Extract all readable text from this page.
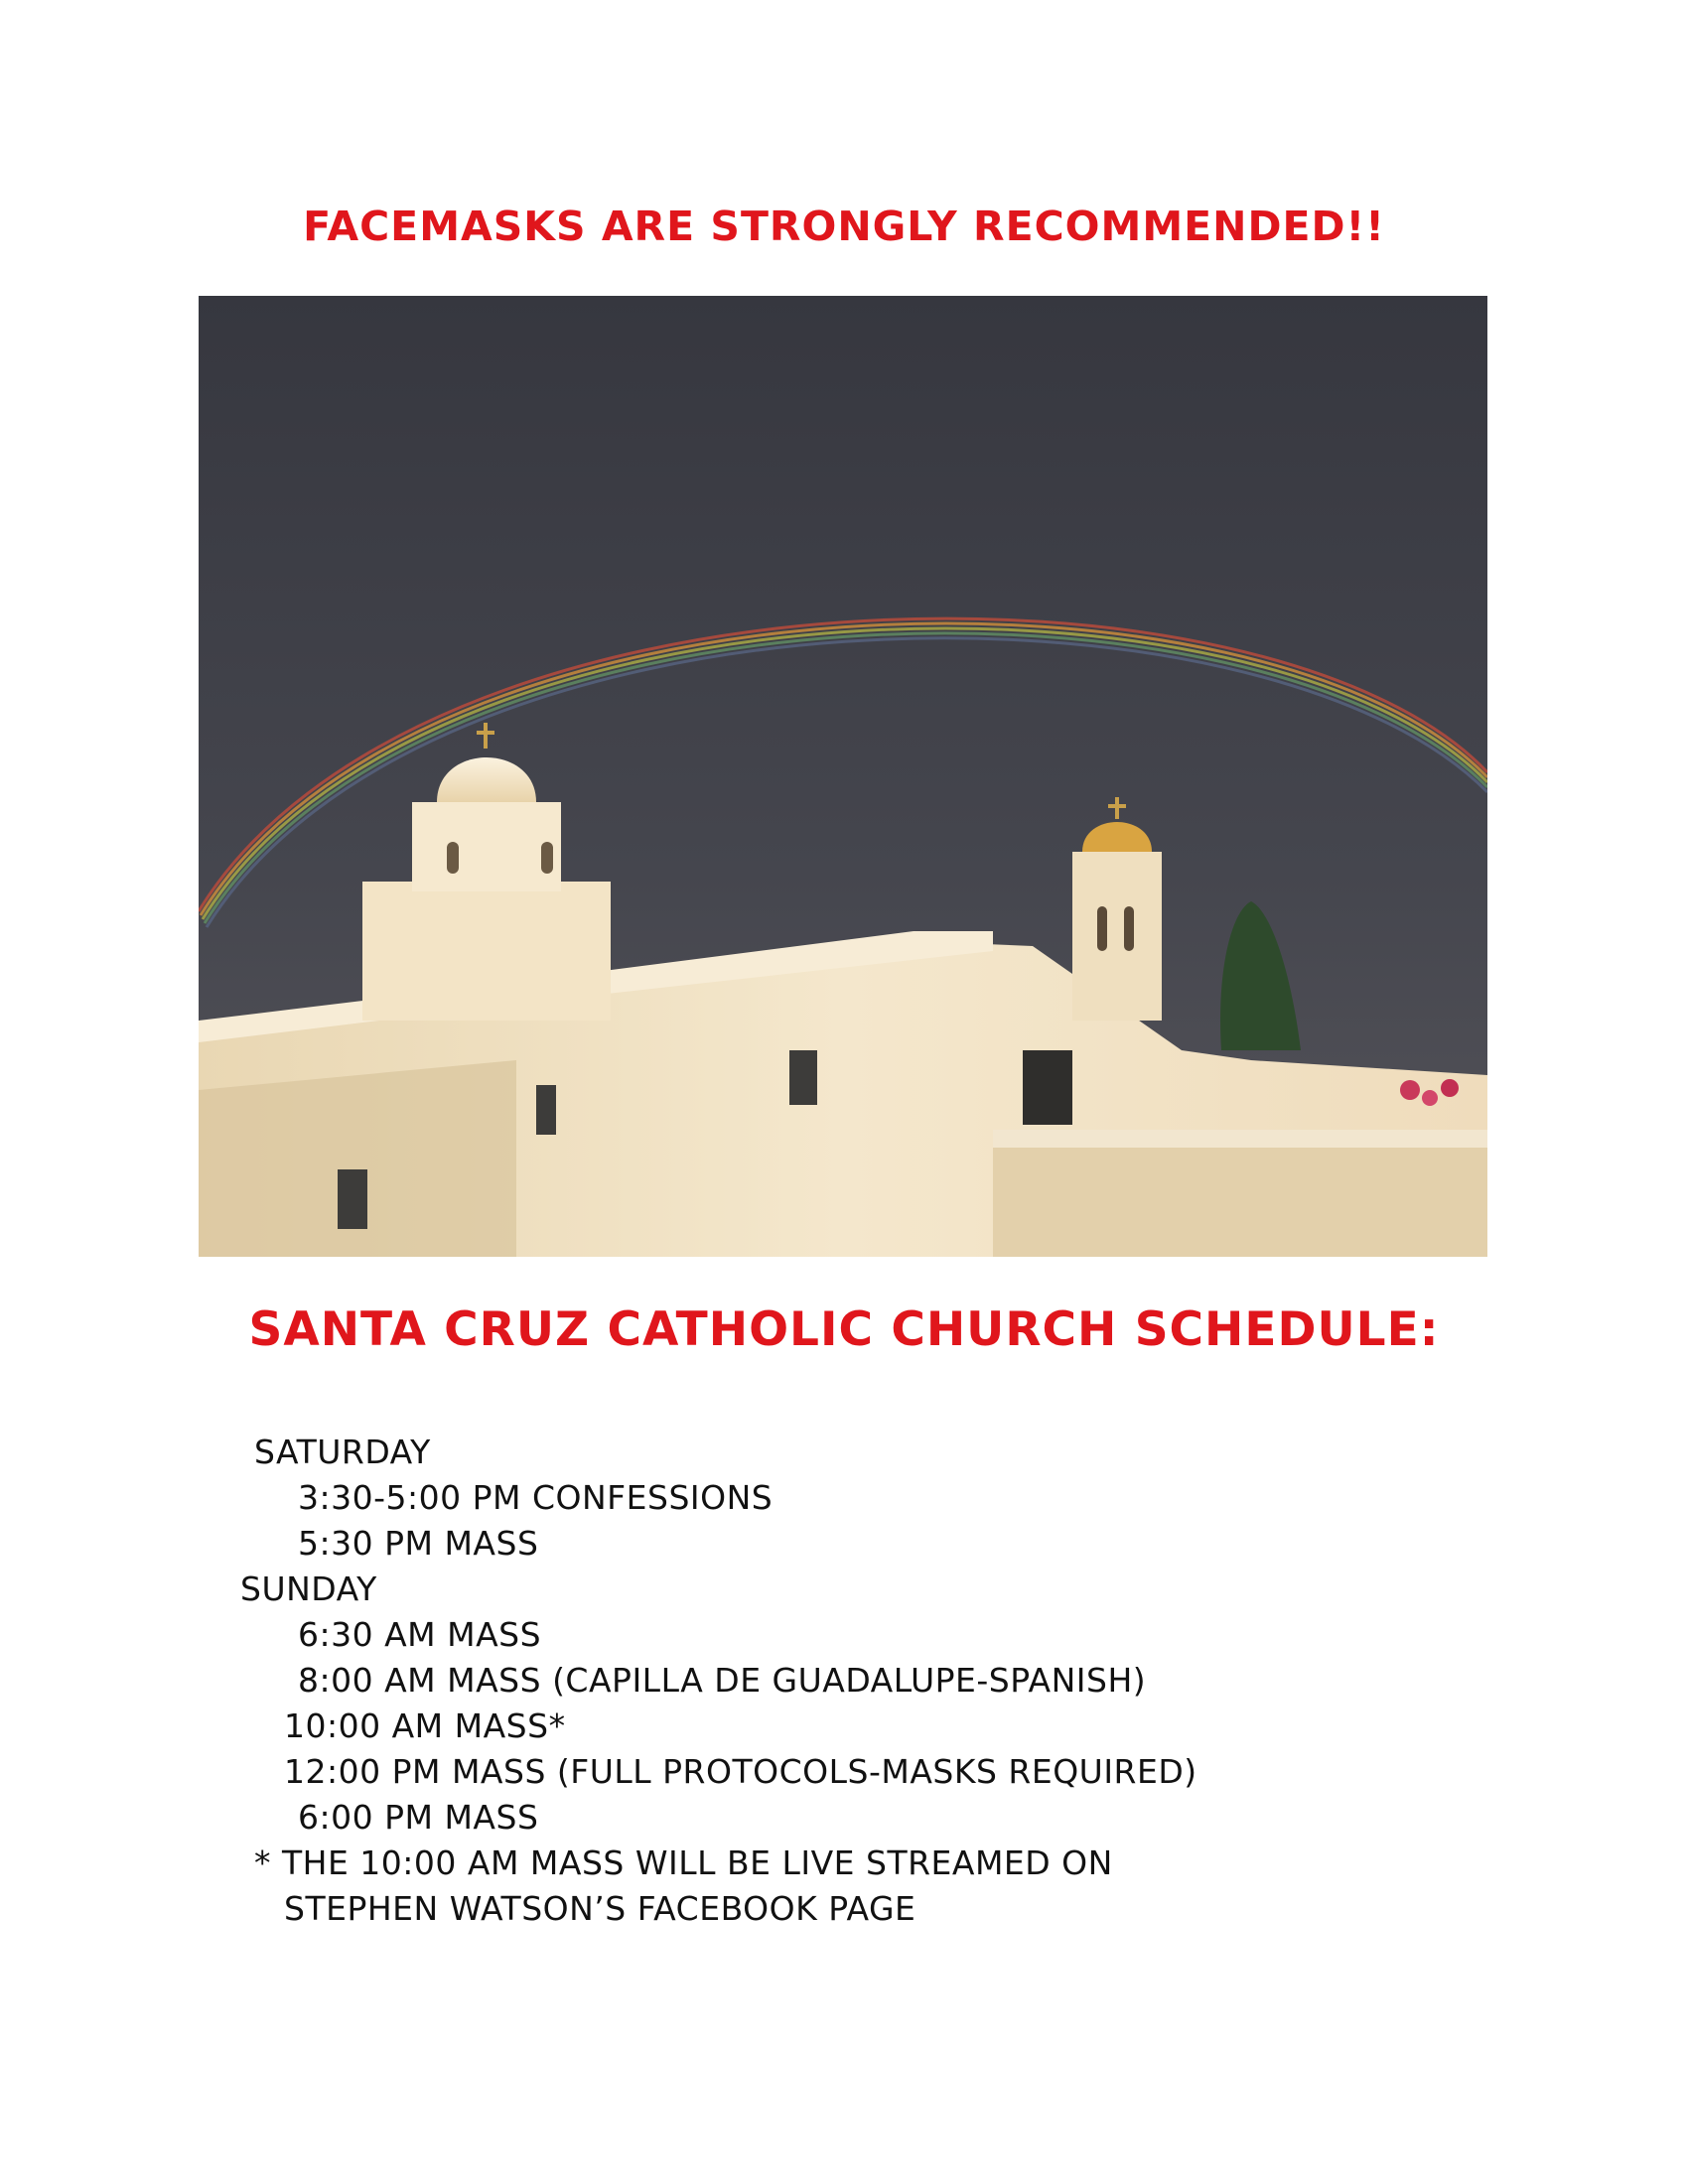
FACEMASKS ARE STRONGLY RECOMMENDED!!
SANTA CRUZ CATHOLIC CHURCH SCHEDULE:
SATURDAY
3:30-5:00 PM CONFESSIONS
5:30 PM MASS
SUNDAY
6:30 AM MASS
8:00 AM MASS (CAPILLA DE GUADALUPE-SPANISH)
10:00 AM MASS*
12:00 PM MASS (FULL PROTOCOLS-MASKS REQUIRED)
6:00 PM MASS
* THE 10:00 AM MASS WILL BE LIVE STREAMED ON
STEPHEN WATSON’S FACEBOOK PAGE
